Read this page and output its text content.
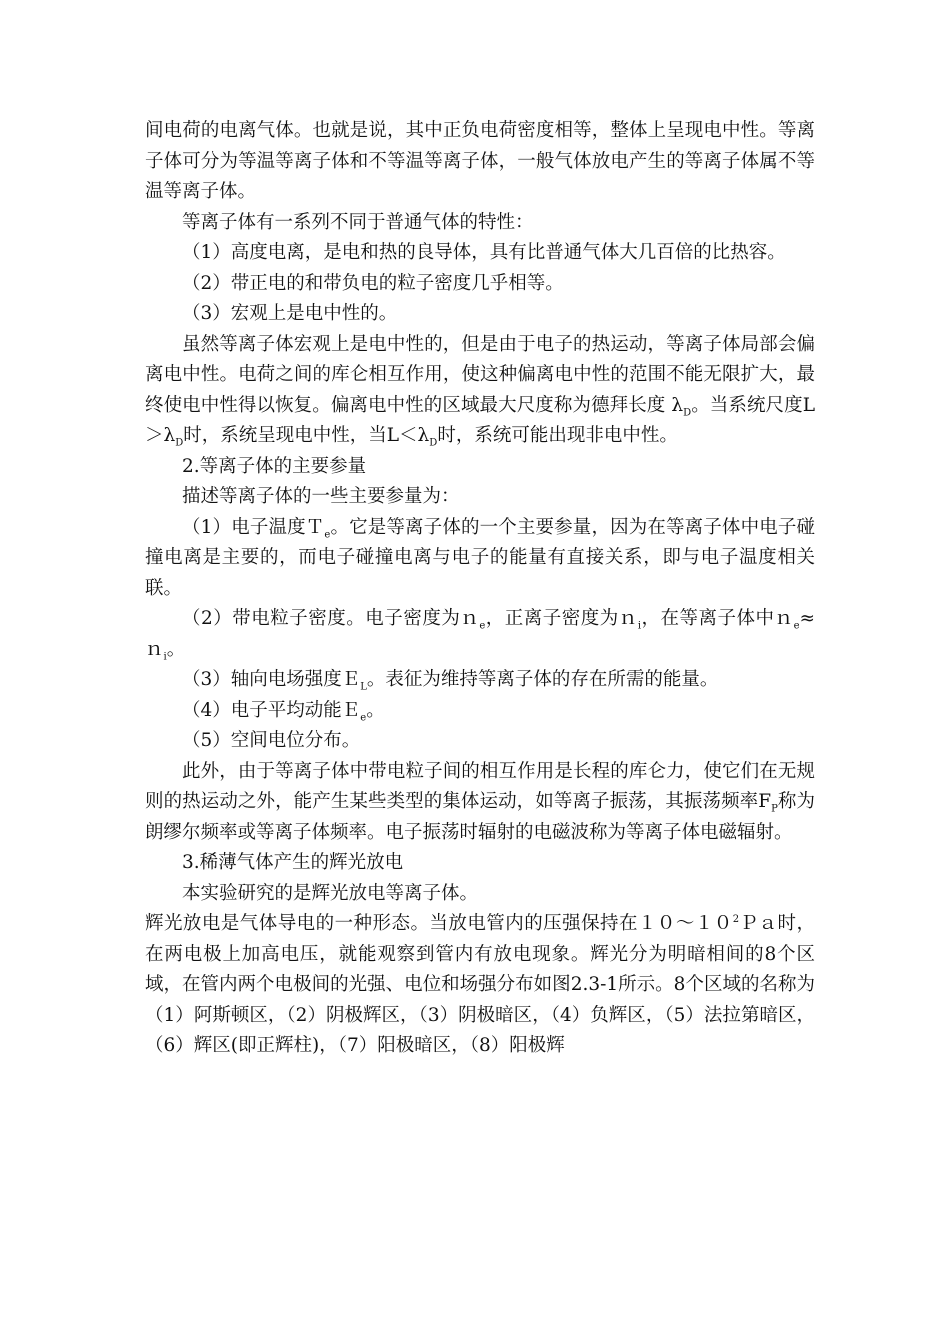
间电荷的电离气体。也就是说，其中正负电荷密度相等，整体上呈现电中性。等离子体可分为等温等离子体和不等温等离子体，一般气体放电产生的等离子体属不等温等离子体。

等离子体有一系列不同于普通气体的特性：

（1）高度电离，是电和热的良导体，具有比普通气体大几百倍的比热容。

（2）带正电的和带负电的粒子密度几乎相等。

（3）宏观上是电中性的。

虽然等离子体宏观上是电中性的，但是由于电子的热运动，等离子体局部会偏离电中性。电荷之间的库仑相互作用，使这种偏离电中性的范围不能无限扩大，最终使电中性得以恢复。偏离电中性的区域最大尺度称为德拜长度 $\lambda_D$。当系统尺度$L>\lambda_D$时，系统呈现电中性，当$L<\lambda_D$时，系统可能出现非电中性。

2.等离子体的主要参量

描述等离子体的一些主要参量为：

（1）电子温度Ｔ$_e$。它是等离子体的一个主要参量，因为在等离子体中电子碰撞电离是主要的，而电子碰撞电离与电子的能量有直接关系，即与电子温度相关联。

（2）带电粒子密度。电子密度为ｎ$_e$，正离子密度为ｎ$_i$，在等离子体中ｎ$_e$≈ｎ$_i$。

（3）轴向电场强度Ｅ$_L$。表征为维持等离子体的存在所需的能量。

（4）电子平均动能Ｅ$_e$。

（5）空间电位分布。

此外，由于等离子体中带电粒子间的相互作用是长程的库仑力，使它们在无规则的热运动之外，能产生某些类型的集体运动，如等离子振荡，其振荡频率$F_P$称为朗缪尔频率或等离子体频率。电子振荡时辐射的电磁波称为等离子体电磁辐射。

3.稀薄气体产生的辉光放电

本实验研究的是辉光放电等离子体。

辉光放电是气体导电的一种形态。当放电管内的压强保持在$10\sim 10^2Pa$时，在两电极上加高电压，就能观察到管内有放电现象。辉光分为明暗相间的8个区域，在管内两个电极间的光强、电位和场强分布如图2.3-1所示。8个区域的名称为（1）阿斯顿区，（2）阴极辉区，（3）阴极暗区，（4）负辉区，（5）法拉第暗区，（6）辉区(即正辉柱)，（7）阳极暗区，（8）阳极辉
